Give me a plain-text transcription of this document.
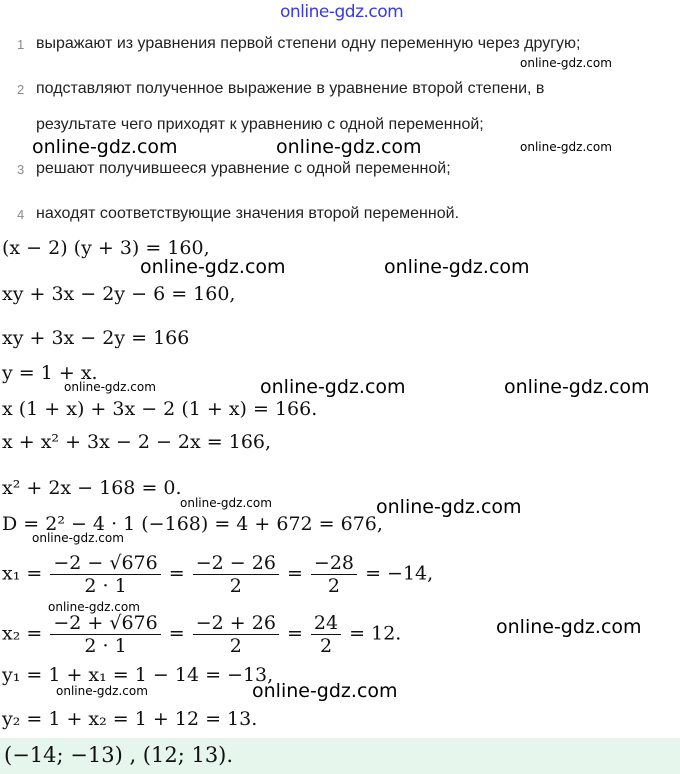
online-gdz.com
1 выражают из уравнения первой степени одну переменную через другую;
2 подставляют полученное выражение в уравнение второй степени, в
результате чего приходят к уравнению с одной переменной;
3 решают получившееся уравнение с одной переменной;
4 находят соответствующие значения второй переменной.
online-gdz.com
online-gdz.com	online-gdz.com	online-gdz.com
online-gdz.com	online-gdz.com
online-gdz.com	online-gdz.com	online-gdz.com
online-gdz.com	online-gdz.com
online-gdz.com
online-gdz.com
online-gdz.com
online-gdz.com	online-gdz.com
(x − 2) (y + 3) = 160,
xy + 3x − 2y − 6 = 160,
xy + 3x − 2y = 166
y = 1 + x.
x (1 + x) + 3x − 2 (1 + x) = 166.
x + x² + 3x − 2 − 2x = 166,
x² + 2x − 168 = 0.
D = 2² − 4 · 1 (−168) = 4 + 672 = 676,
$x_1 = \frac{-2 - √676}{2 \cdot 1} = \frac{-2 - 26}{2} = \frac{-28}{2} = -14$,
$x_2 = \frac{-2 + √676}{2 \cdot 1} = \frac{-2 + 26}{2} = \frac{24}{2} = 12$.
y₁ = 1 + x₁ = 1 − 14 = −13,
y₂ = 1 + x₂ = 1 + 12 = 13.
(−14; −13) , (12; 13).
